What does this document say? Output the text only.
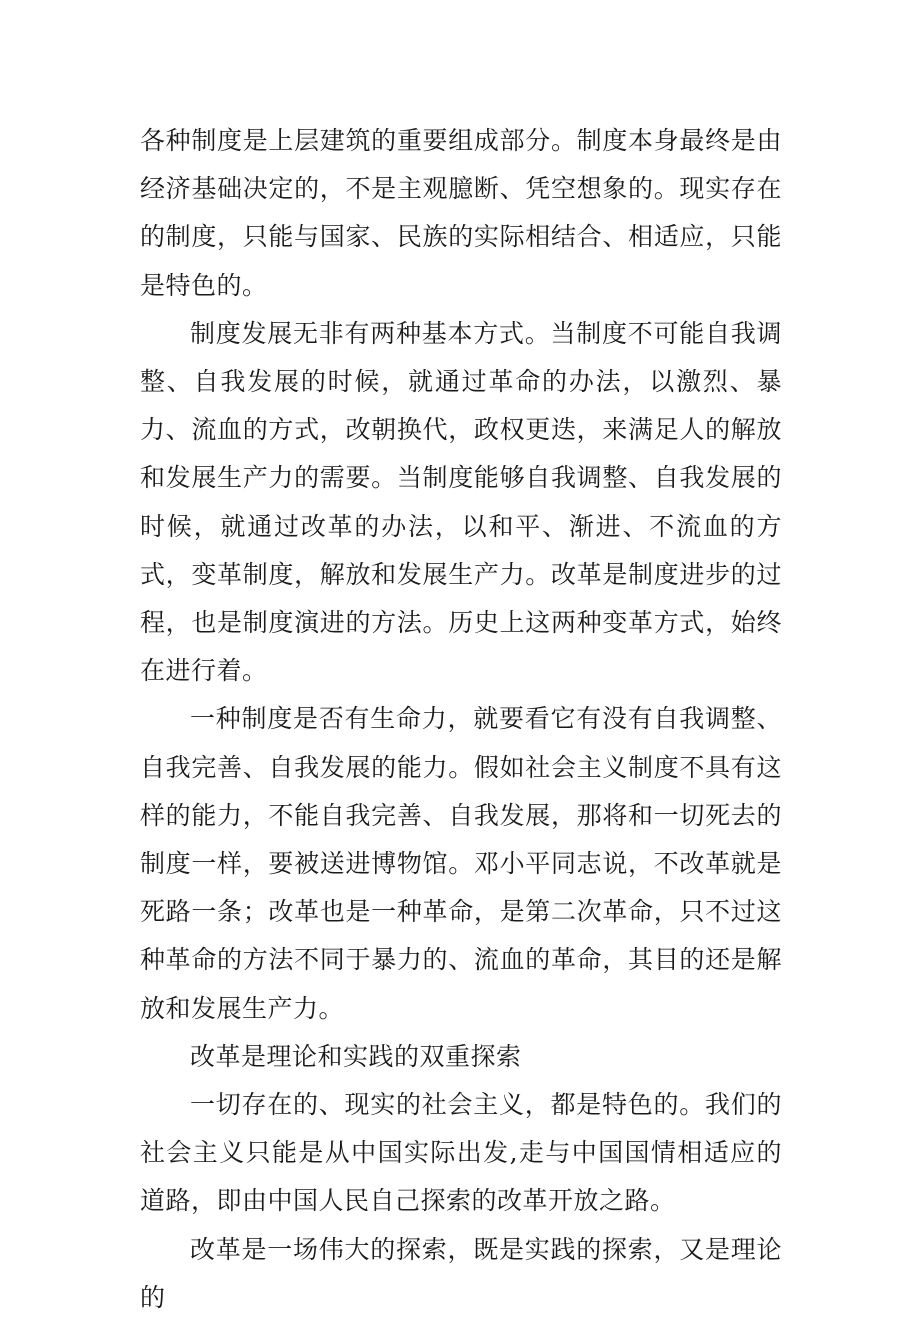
各种制度是上层建筑的重要组成部分。制度本身最终是由经济基础决定的，不是主观臆断、凭空想象的。现实存在的制度，只能与国家、民族的实际相结合、相适应，只能是特色的。

制度发展无非有两种基本方式。当制度不可能自我调整、自我发展的时候，就通过革命的办法，以激烈、暴力、流血的方式，改朝换代，政权更迭，来满足人的解放和发展生产力的需要。当制度能够自我调整、自我发展的时候，就通过改革的办法，以和平、渐进、不流血的方式，变革制度，解放和发展生产力。改革是制度进步的过程，也是制度演进的方法。历史上这两种变革方式，始终在进行着。

一种制度是否有生命力，就要看它有没有自我调整、自我完善、自我发展的能力。假如社会主义制度不具有这样的能力，不能自我完善、自我发展，那将和一切死去的制度一样，要被送进博物馆。邓小平同志说，不改革就是死路一条；改革也是一种革命，是第二次革命，只不过这种革命的方法不同于暴力的、流血的革命，其目的还是解放和发展生产力。

改革是理论和实践的双重探索

一切存在的、现实的社会主义，都是特色的。我们的社会主义只能是从中国实际出发,走与中国国情相适应的道路，即由中国人民自己探索的改革开放之路。

改革是一场伟大的探索，既是实践的探索，又是理论的
